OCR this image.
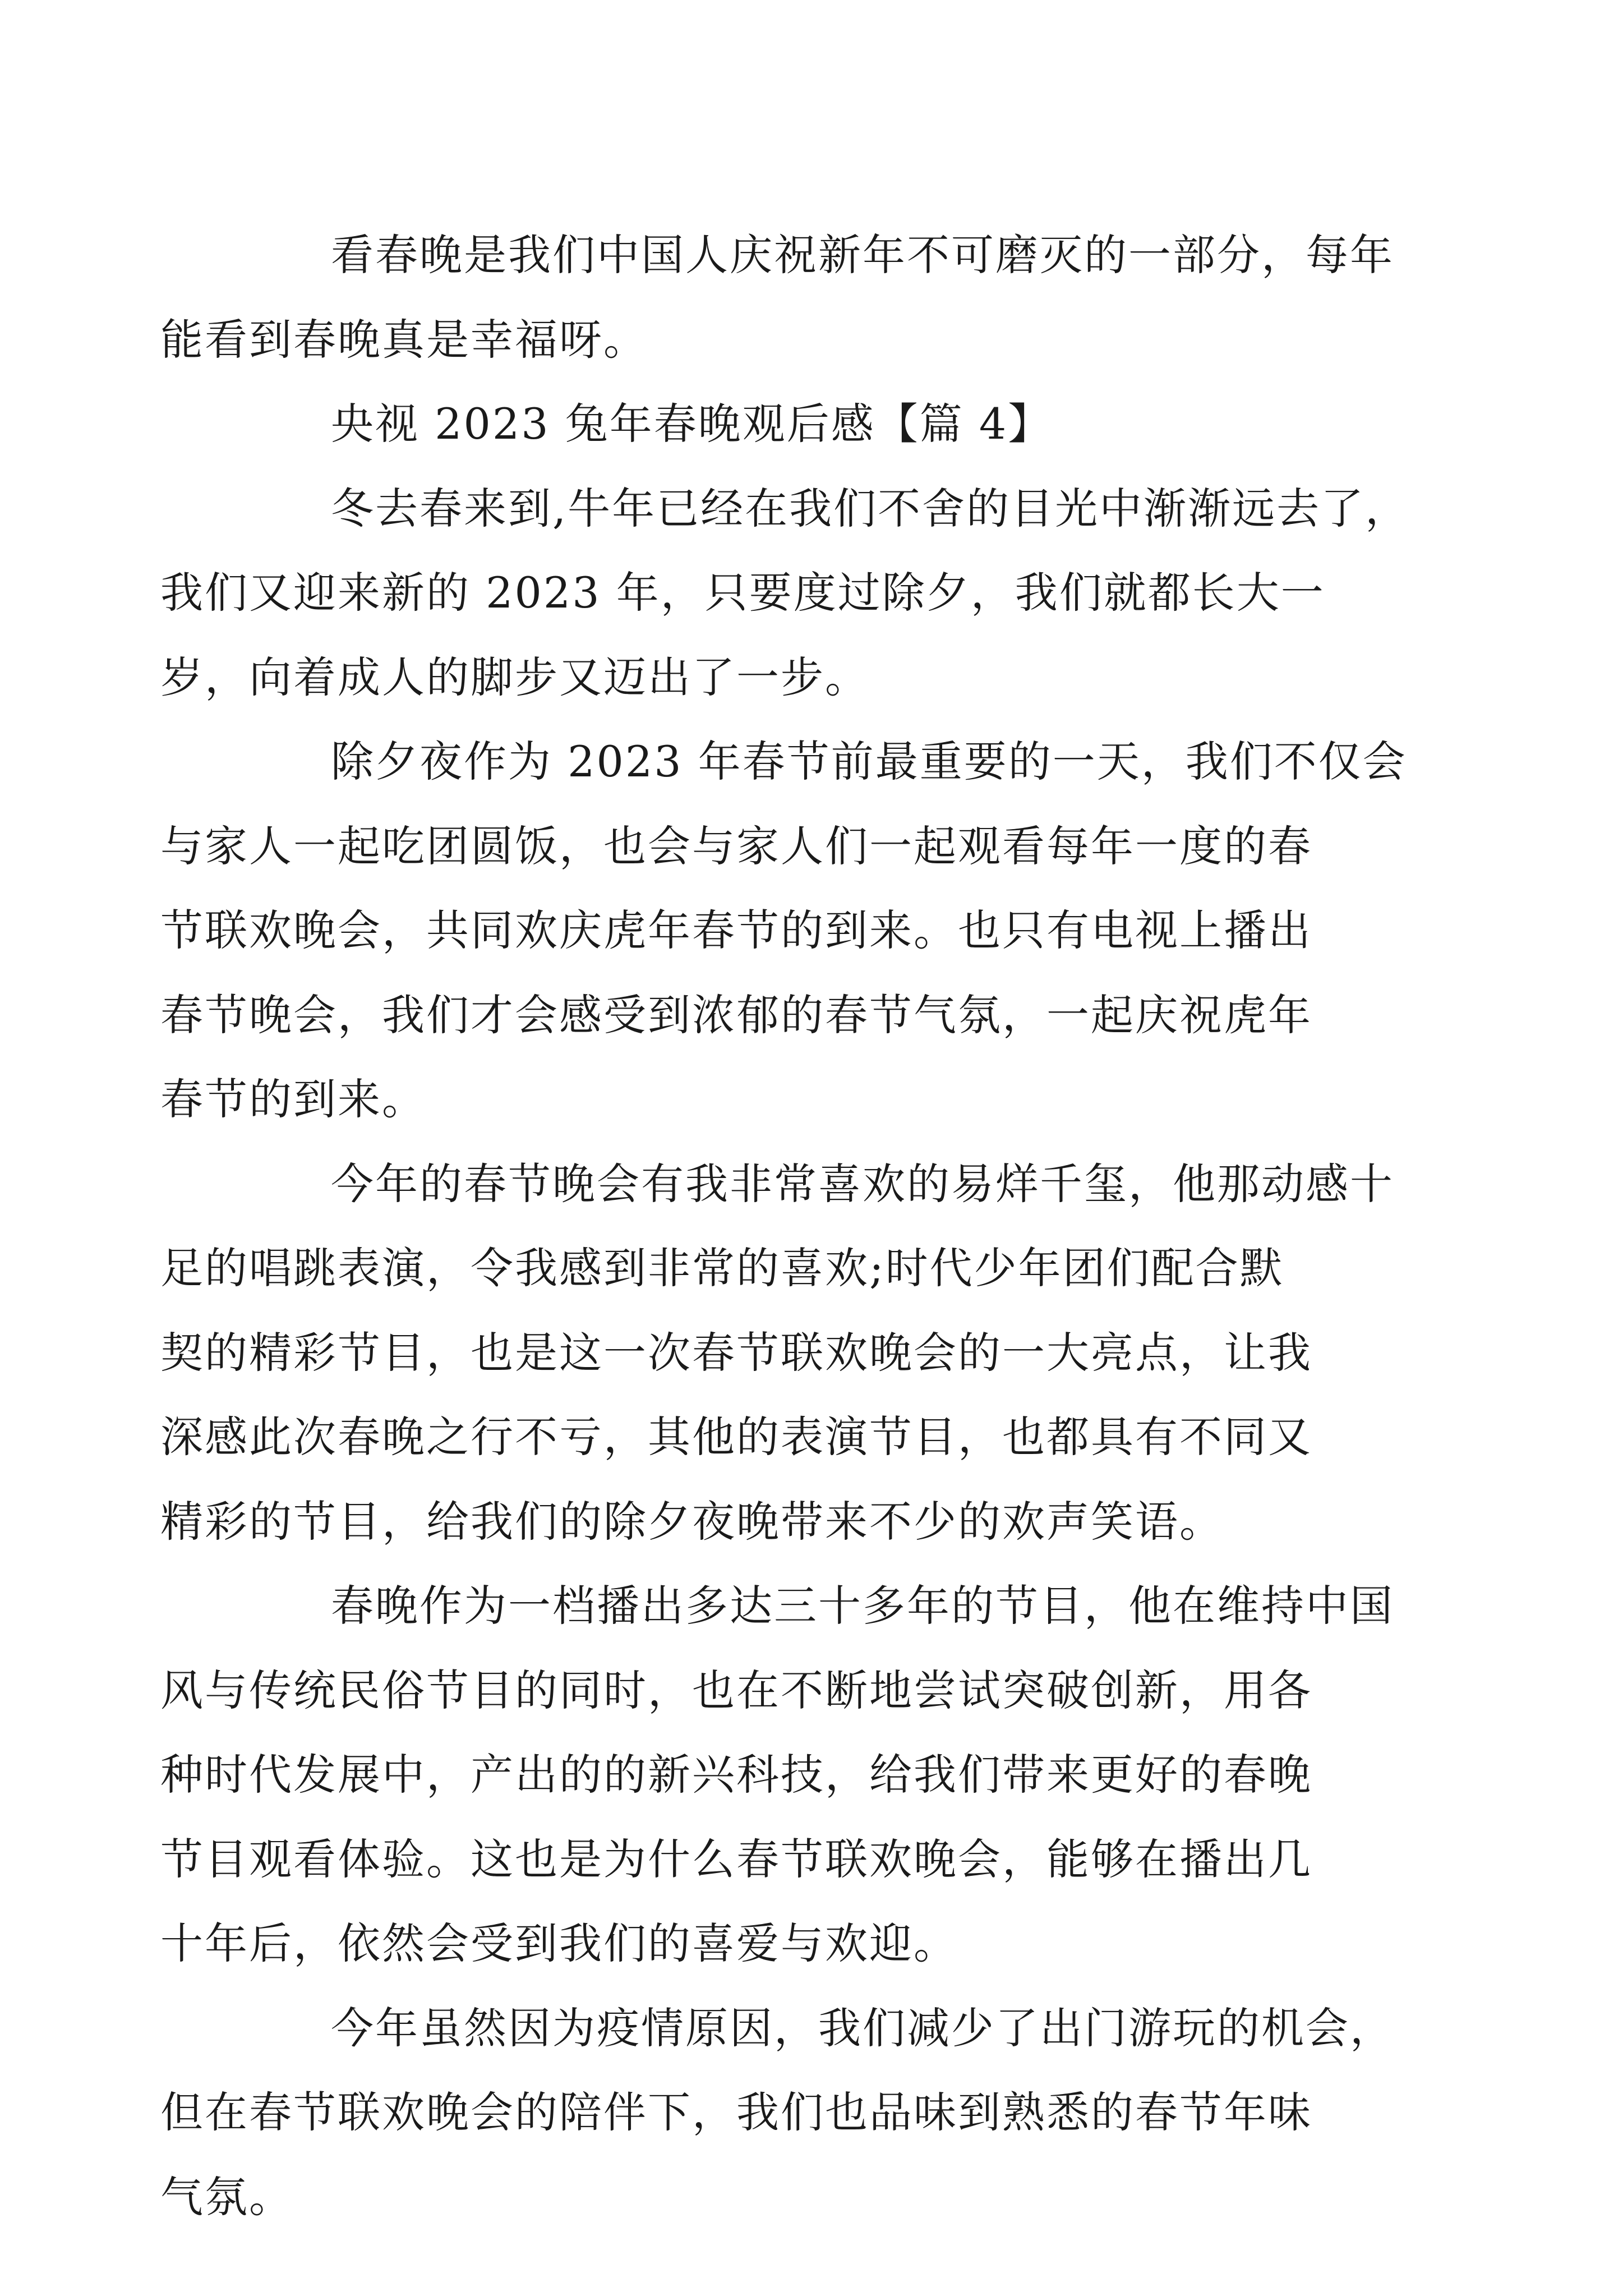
看春晚是我们中国人庆祝新年不可磨灭的一部分，每年
能看到春晚真是幸福呀。

央视 2023 兔年春晚观后感【篇 4】

冬去春来到,牛年已经在我们不舍的目光中渐渐远去了，
我们又迎来新的 2023 年，只要度过除夕，我们就都长大一
岁，向着成人的脚步又迈出了一步。

除夕夜作为 2023 年春节前最重要的一天，我们不仅会
与家人一起吃团圆饭，也会与家人们一起观看每年一度的春
节联欢晚会，共同欢庆虎年春节的到来。也只有电视上播出
春节晚会，我们才会感受到浓郁的春节气氛，一起庆祝虎年
春节的到来。

今年的春节晚会有我非常喜欢的易烊千玺，他那动感十
足的唱跳表演，令我感到非常的喜欢;时代少年团们配合默
契的精彩节目，也是这一次春节联欢晚会的一大亮点，让我
深感此次春晚之行不亏，其他的表演节目，也都具有不同又
精彩的节目，给我们的除夕夜晚带来不少的欢声笑语。

春晚作为一档播出多达三十多年的节目，他在维持中国
风与传统民俗节目的同时，也在不断地尝试突破创新，用各
种时代发展中，产出的的新兴科技，给我们带来更好的春晚
节目观看体验。这也是为什么春节联欢晚会，能够在播出几
十年后，依然会受到我们的喜爱与欢迎。

今年虽然因为疫情原因，我们减少了出门游玩的机会，
但在春节联欢晚会的陪伴下，我们也品味到熟悉的春节年味
气氛。
